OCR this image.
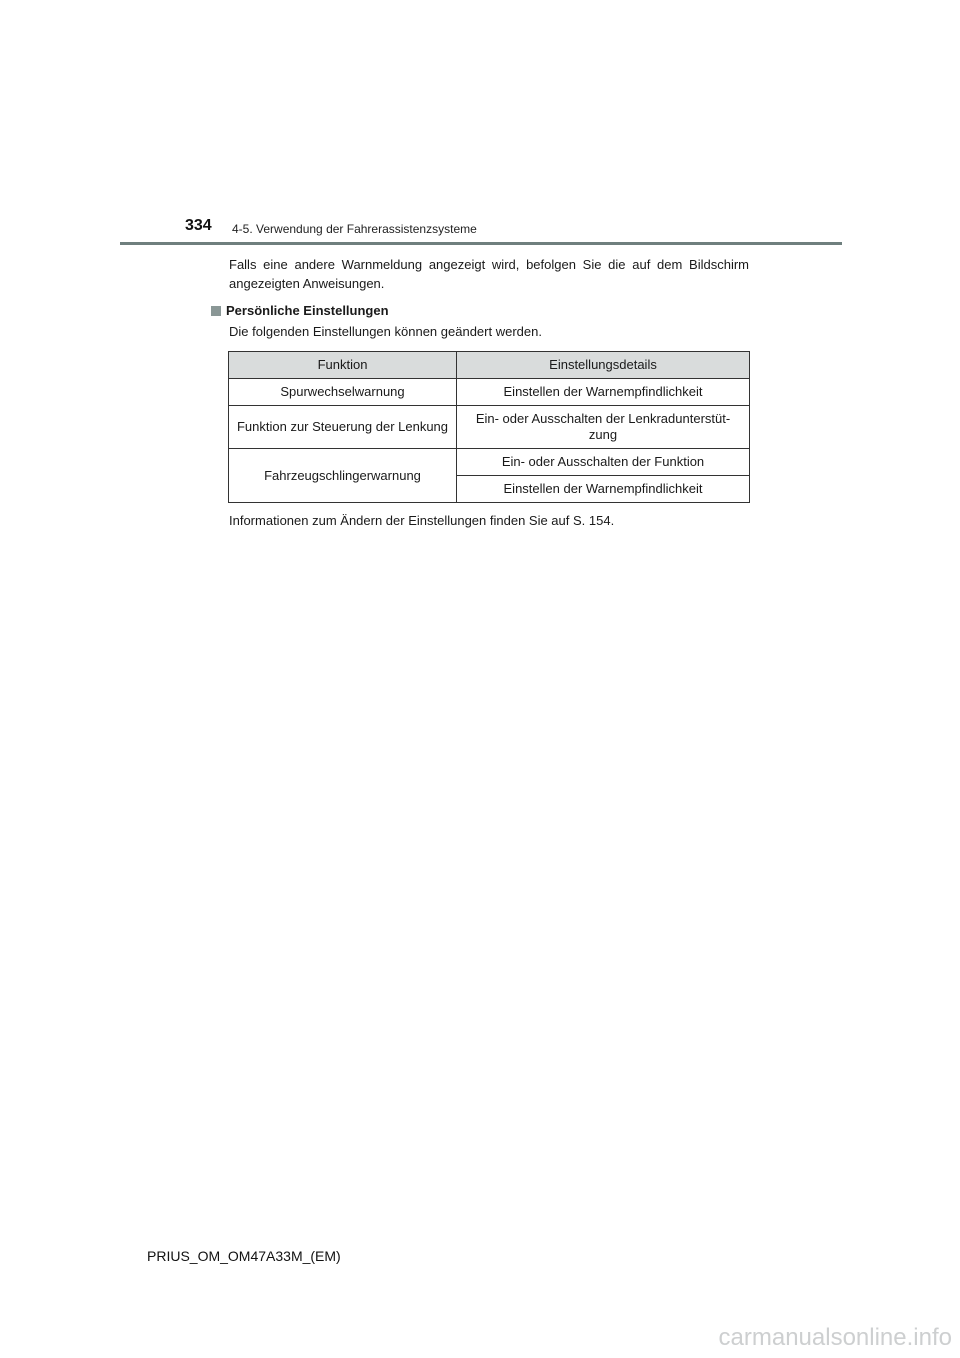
334 4-5. Verwendung der Fahrerassistenzsysteme

Falls eine andere Warnmeldung angezeigt wird, befolgen Sie die auf dem Bildschirm angezeigten Anweisungen.

Persönliche Einstellungen

Die folgenden Einstellungen können geändert werden.

Funktion	Einstellungsdetails
Spurwechselwarnung	Einstellen der Warnempfindlichkeit
Funktion zur Steuerung der Lenkung	Ein- oder Ausschalten der Lenkradunterstüt-zung
Fahrzeugschlingerwarnung	Ein- oder Ausschalten der Funktion
	Einstellen der Warnempfindlichkeit

Informationen zum Ändern der Einstellungen finden Sie auf S. 154.

PRIUS_OM_OM47A33M_(EM)
carmanualsonline.info
